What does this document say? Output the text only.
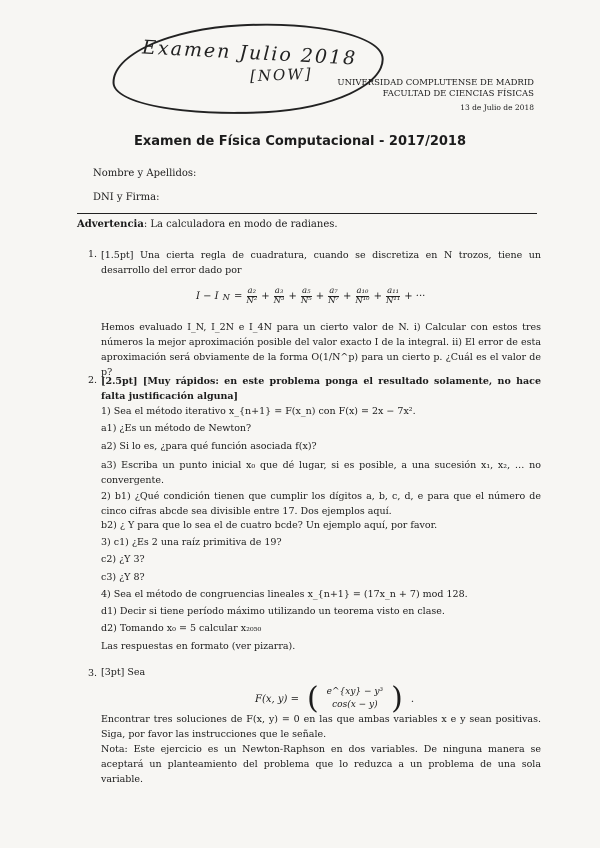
Examen Julio 2018
[NOW]	UNIVERSIDAD COMPLUTENSE DE MADRID
FACULTAD DE CIENCIAS FÍSICAS
13 de Julio de 2018
Examen de Física Computacional - 2017/2018
Nombre y Apellidos:
DNI y Firma:
Advertencia: La calculadora en modo de radianes.
1. [1.5pt] Una cierta regla de cuadratura, cuando se discretiza en N trozos, tiene un desarrollo del error dado por
I − I $N = \frac{\text{a₂}}{\text{N²}} + \frac{\text{a₃}}{\text{N³}} + \frac{\text{a₅}}{\text{N⁵}} + \frac{\text{a₇}}{\text{N⁷}} + \frac{\text{a₁₀}}{\text{N¹⁰}} + \frac{\text{a₁₁}}{\text{N¹¹}}$ + ···
Hemos evaluado I_N, I_2N e I_4N para un cierto valor de N. i) Calcular con estos tres números la mejor aproximación posible del valor exacto I de la integral. ii) El error de esta aproximación será obviamente de la forma O(1/N^p) para un cierto p. ¿Cuál es el valor de p?
2. [2.5pt] [Muy rápidos: en este problema ponga el resultado solamente, no hace falta justificación alguna]
1) Sea el método iterativo x_{n+1} = F(x_n) con F(x) = 2x − 7x².
a1) ¿Es un método de Newton?
a2) Si lo es, ¿para qué función asociada f(x)?
a3) Escriba un punto inicial x₀ que dé lugar, si es posible, a una sucesión x₁, x₂, … no convergente.
2) b1) ¿Qué condición tienen que cumplir los dígitos a, b, c, d, e para que el número de cinco cifras abcde sea divisible entre 17. Dos ejemplos aquí.
b2) ¿ Y para que lo sea el de cuatro bcde? Un ejemplo aquí, por favor.
3) c1) ¿Es 2 una raíz primitiva de 19?
c2) ¿Y 3?
c3) ¿Y 8?
4) Sea el método de congruencias lineales x_{n+1} = (17x_n + 7) mod 128.
d1) Decir si tiene período máximo utilizando un teorema visto en clase.
d2) Tomando x₀ = 5 calcular x₂₀₅₀
Las respuestas en formato (ver pizarra).
3. [3pt] Sea
F(x, y) = ( e^{xy} − y³
cos(x − y) ) .
Encontrar tres soluciones de F(x, y) = 0 en las que ambas variables x e y sean positivas. Siga, por favor las instrucciones que le señale.
Nota: Este ejercicio es un Newton-Raphson en dos variables. De ninguna manera se aceptará un planteamiento del problema que lo reduzca a un problema de una sola variable.
